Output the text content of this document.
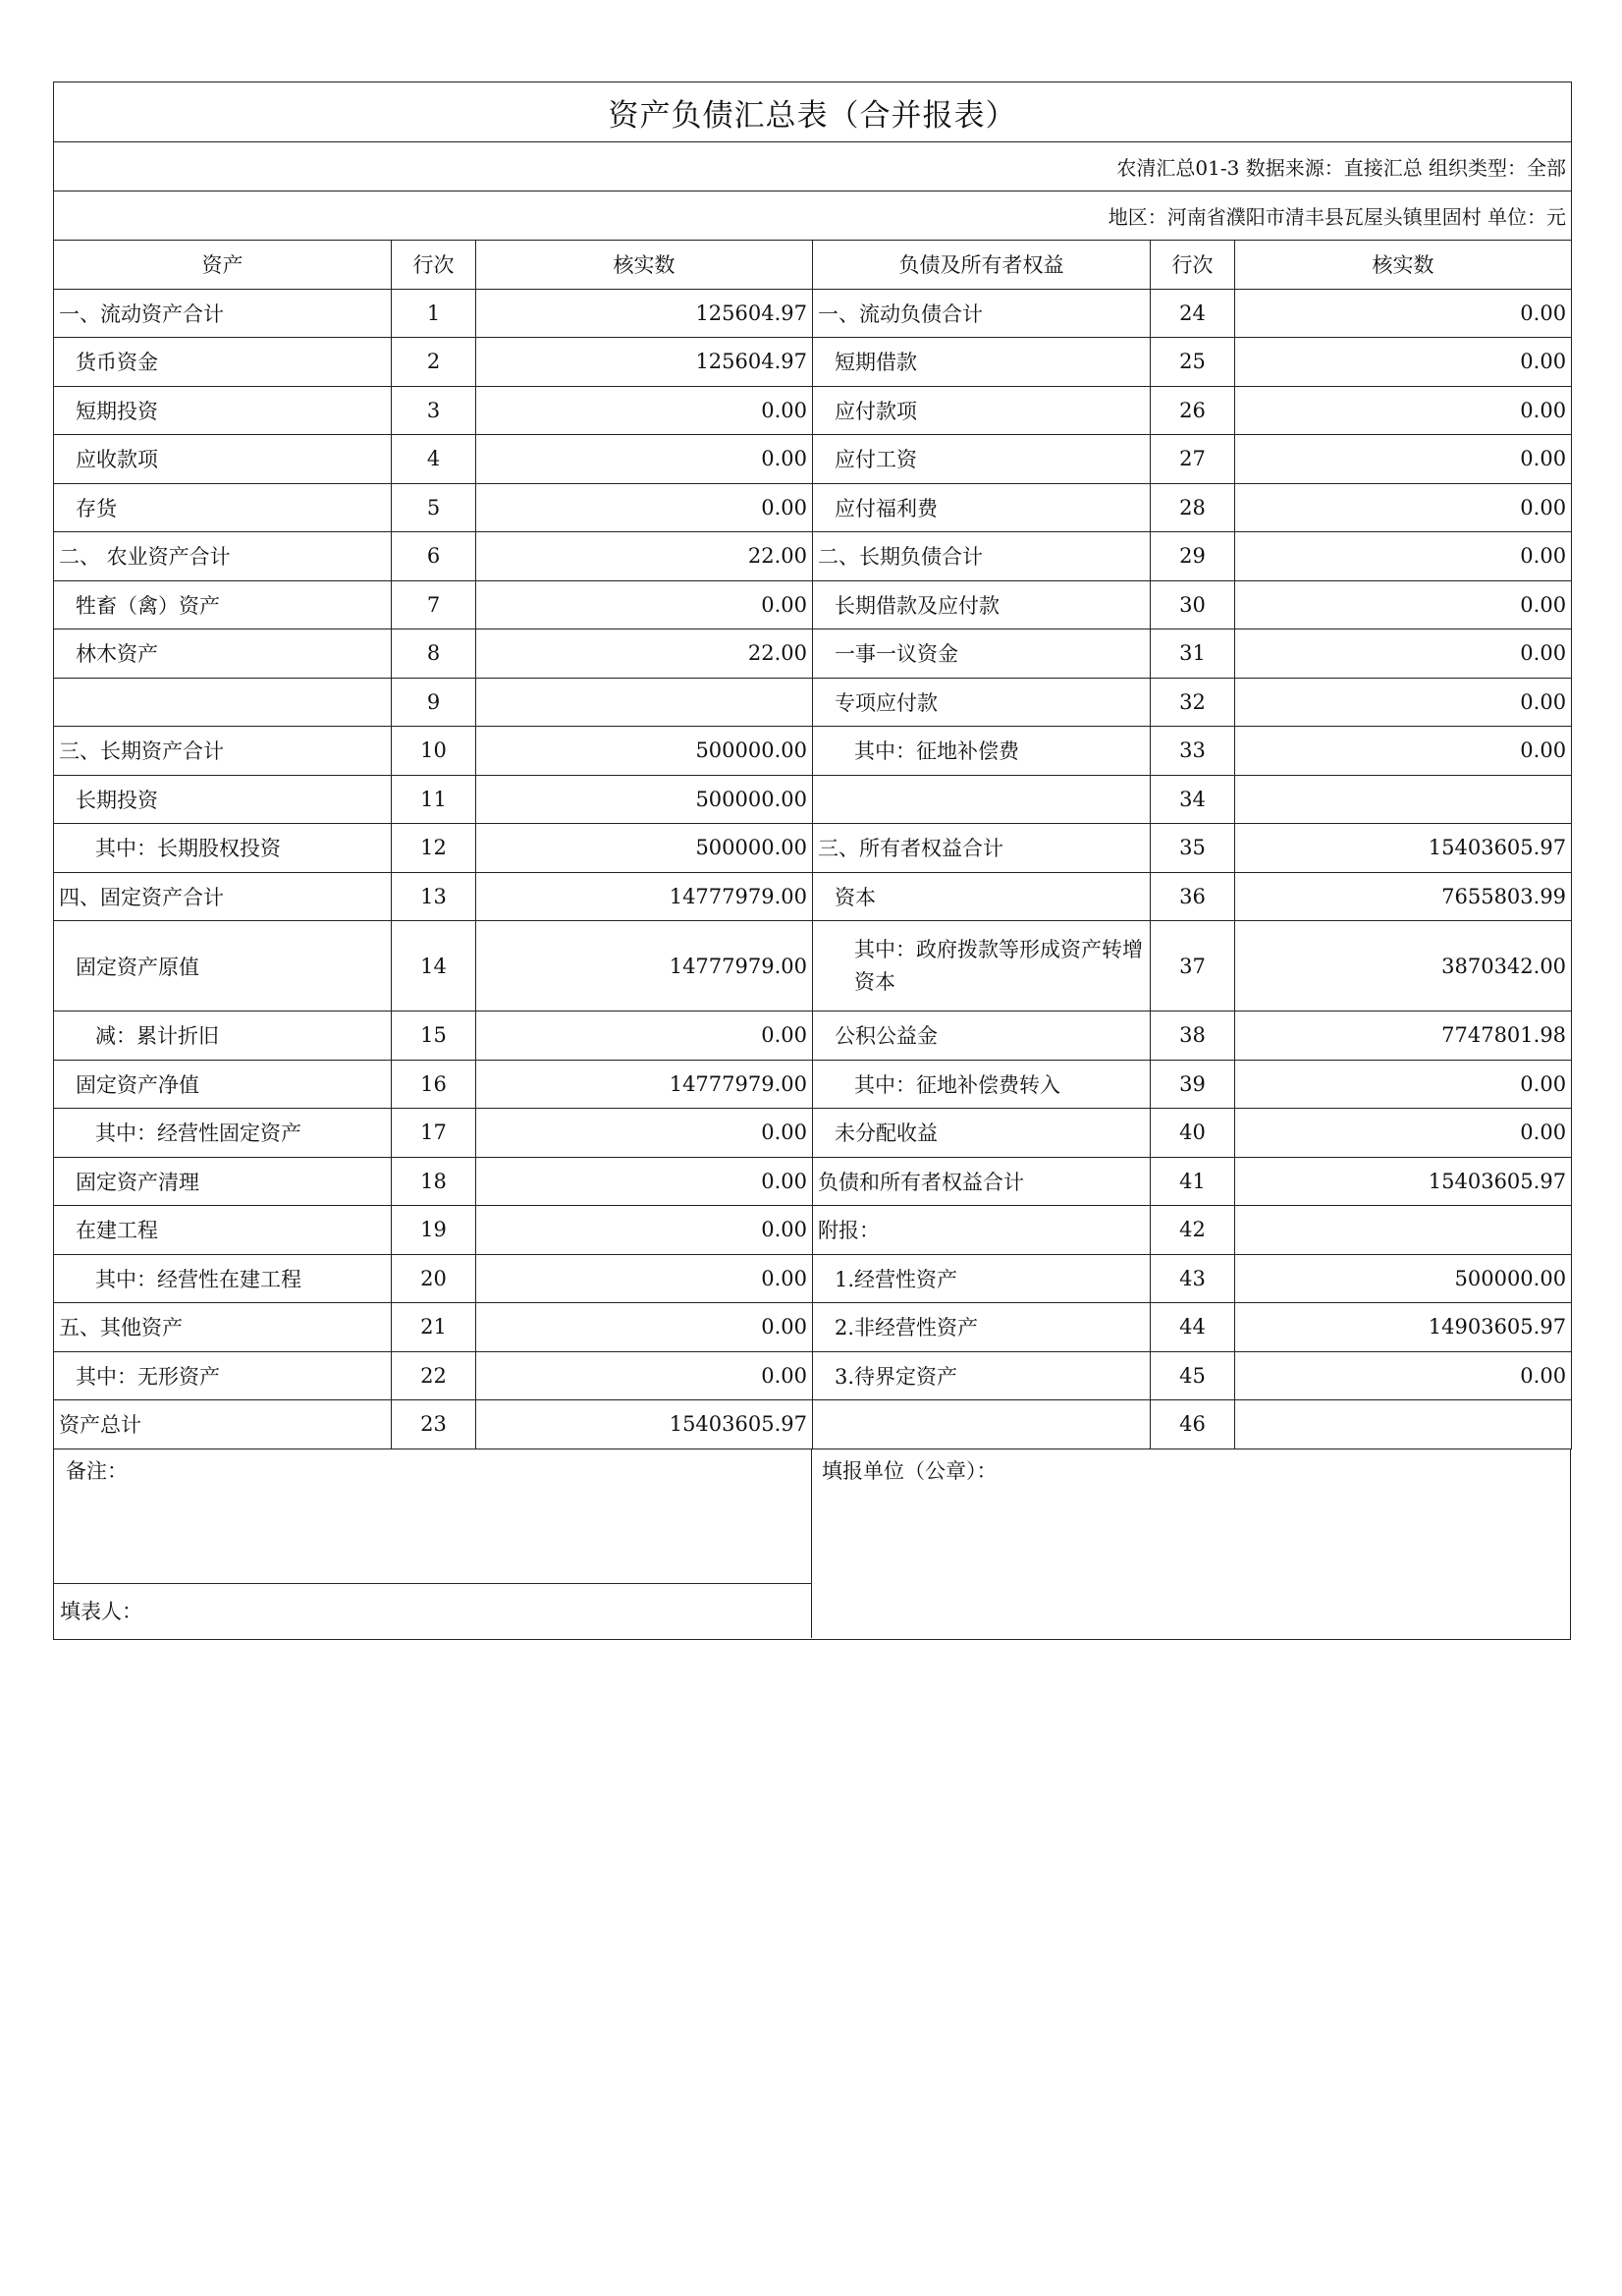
资产负债汇总表（合并报表）					
农清汇总01-3 数据来源：直接汇总 组织类型：全部					
地区：河南省濮阳市清丰县瓦屋头镇里固村 单位：元					
资产	行次	核实数	负债及所有者权益	行次	核实数
一、流动资产合计	1	125604.97	一、流动负债合计	24	0.00
货币资金	2	125604.97	短期借款	25	0.00
短期投资	3	0.00	应付款项	26	0.00
应收款项	4	0.00	应付工资	27	0.00
存货	5	0.00	应付福利费	28	0.00
二、 农业资产合计	6	22.00	二、长期负债合计	29	0.00
牲畜（禽）资产	7	0.00	长期借款及应付款	30	0.00
林木资产	8	22.00	一事一议资金	31	0.00
	9		专项应付款	32	0.00
三、长期资产合计	10	500000.00	其中：征地补偿费	33	0.00
长期投资	11	500000.00		34	
其中：长期股权投资	12	500000.00	三、所有者权益合计	35	15403605.97
四、固定资产合计	13	14777979.00	资本	36	7655803.99
固定资产原值	14	14777979.00	其中：政府拨款等形成资产转增资本	37	3870342.00
减：累计折旧	15	0.00	公积公益金	38	7747801.98
固定资产净值	16	14777979.00	其中：征地补偿费转入	39	0.00
其中：经营性固定资产	17	0.00	未分配收益	40	0.00
固定资产清理	18	0.00	负债和所有者权益合计	41	15403605.97
在建工程	19	0.00	附报：	42	
其中：经营性在建工程	20	0.00	1.经营性资产	43	500000.00
五、其他资产	21	0.00	2.非经营性资产	44	14903605.97
其中：无形资产	22	0.00	3.待界定资产	45	0.00
资产总计	23	15403605.97		46	
备注：
填表人：
填报单位（公章）：
